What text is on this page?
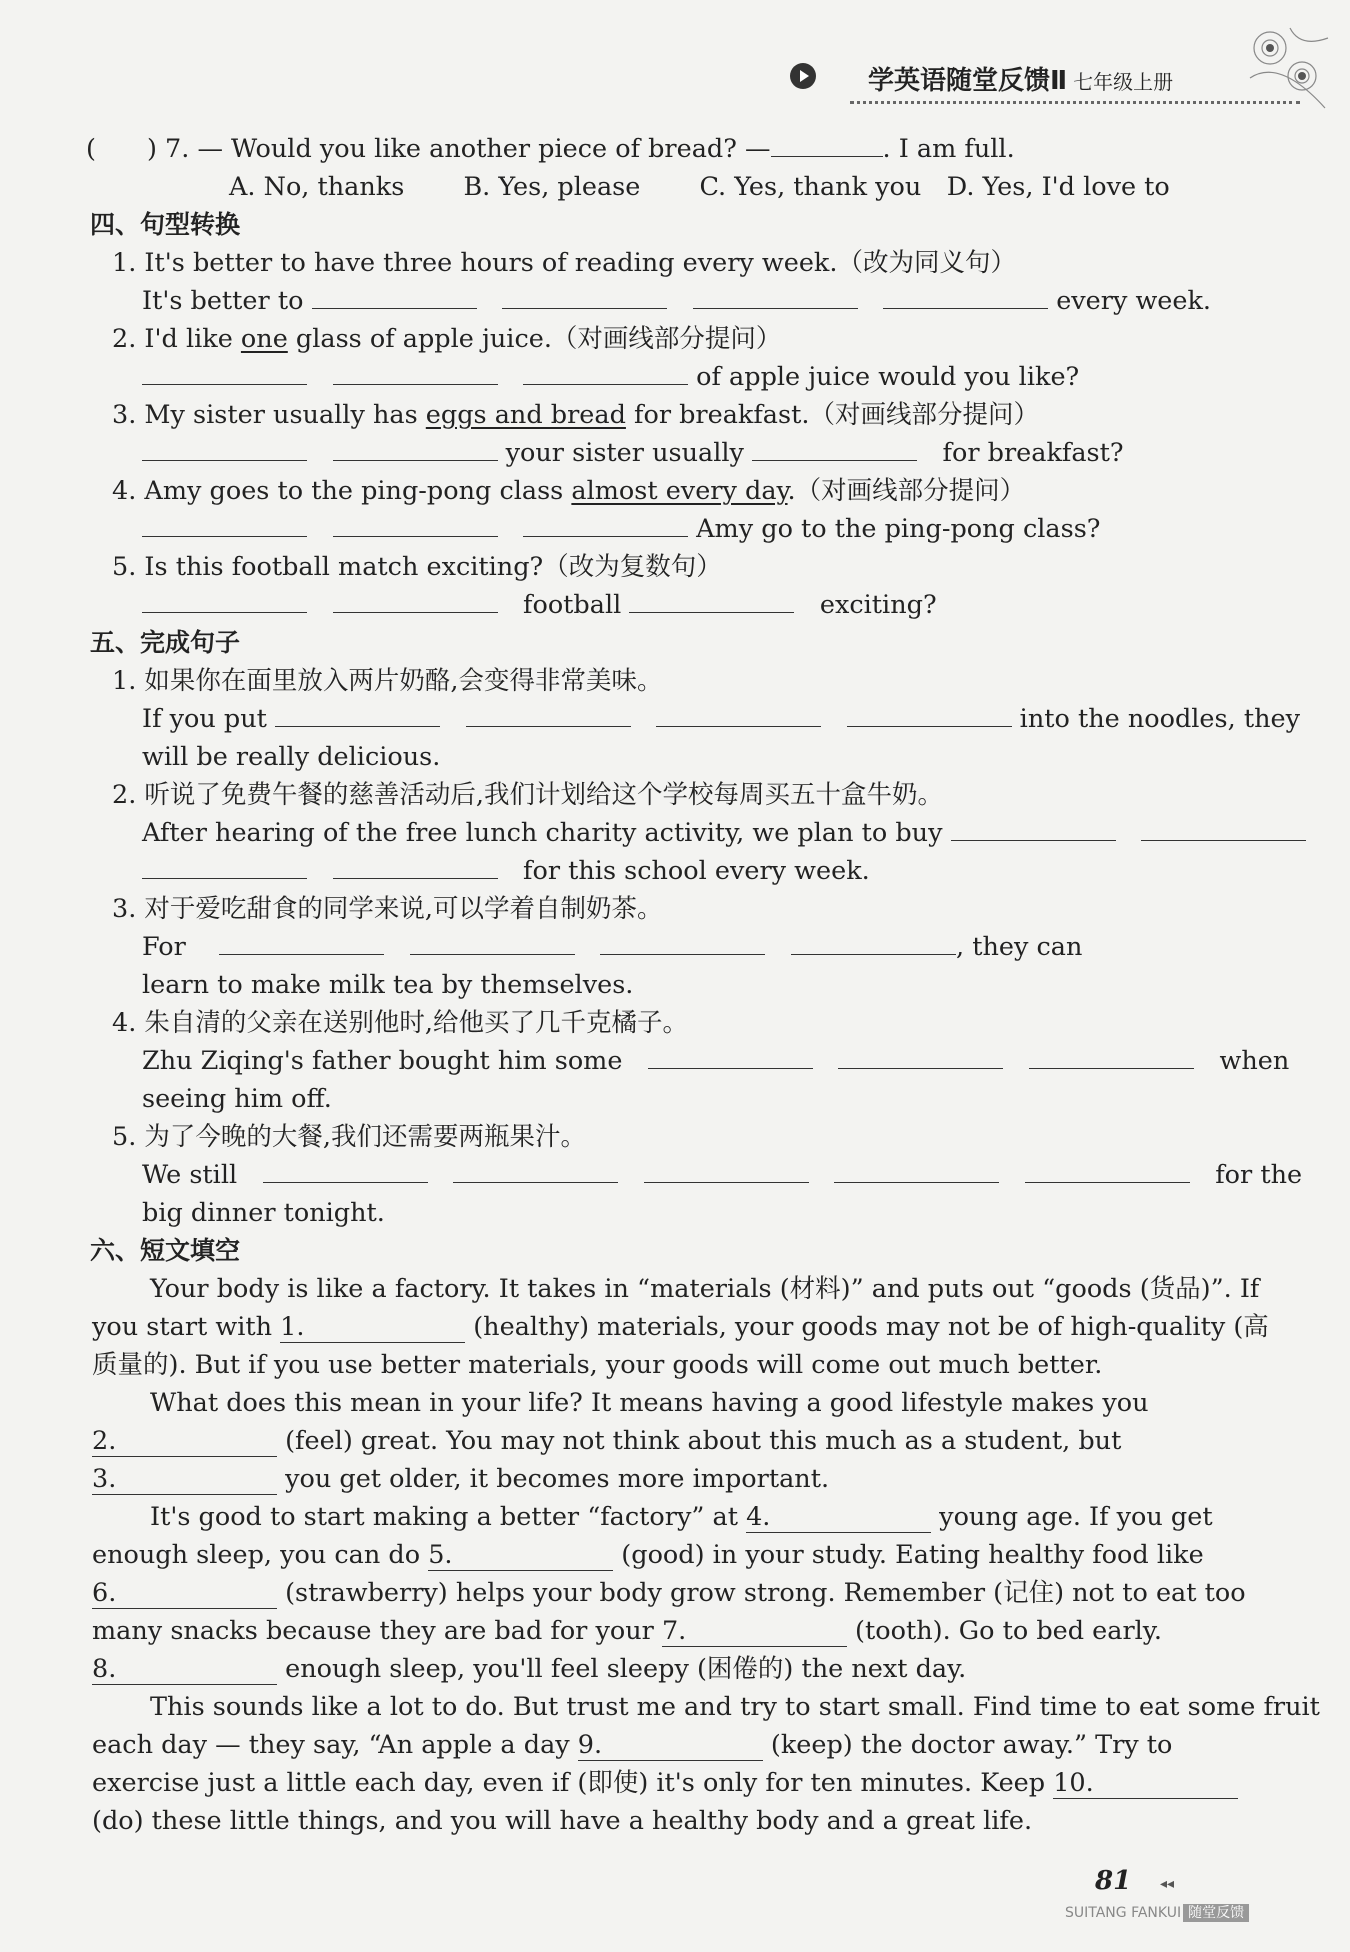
学英语随堂反馈Ⅱ 七年级上册
(　　) 7. — Would you like another piece of bread? —	. I am full.
A. No, thanks　　 B. Yes, please　　 C. Yes, thank you　D. Yes, I'd love to
四、句型转换
1. It's better to have three hours of reading every week.（改为同义句）
It's better to 　　　	every week.
2. I'd like one glass of apple juice.（对画线部分提问）
　　 of apple juice would you like?
3. My sister usually has eggs and bread for breakfast.（对画线部分提问）
　 your sister usually 　	for breakfast?
4. Amy goes to the ping-pong class almost every day.（对画线部分提问）
　　 Amy go to the ping-pong class?
5. Is this football match exciting?（改为复数句）
　　football 　	exciting?
五、完成句子
1. 如果你在面里放入两片奶酪,会变得非常美味。
If you put 　　　	into the noodles, they
will be really delicious.
2. 听说了免费午餐的慈善活动后,我们计划给这个学校每周买五十盒牛奶。
After hearing of the free lunch charity activity, we plan to buy 　
　　for this school every week.
3. 对于爱吃甜食的同学来说,可以学着自制奶茶。
For　 　　　	, they can
learn to make milk tea by themselves.
4. 朱自清的父亲在送别他时,给他买了几千克橘子。
Zhu Ziqing's father bought him some　　　　	when
seeing him off.
5. 为了今晚的大餐,我们还需要两瓶果汁。
We still　　　　　　	for the
big dinner tonight.
六、短文填空
Your body is like a factory. It takes in “materials (材料)” and puts out “goods (货品)”. If
you start with 1.	(healthy) materials, your goods may not be of high-quality (高
质量的). But if you use better materials, your goods will come out much better.
What does this mean in your life? It means having a good lifestyle makes you
2.	(feel) great. You may not think about this much as a student, but
3.	you get older, it becomes more important.
It's good to start making a better “factory” at 4.	young age. If you get
enough sleep, you can do 5.	(good) in your study. Eating healthy food like
6.	(strawberry) helps your body grow strong. Remember (记住) not to eat too
many snacks because they are bad for your 7.	(tooth). Go to bed early.
8.	enough sleep, you'll feel sleepy (困倦的) the next day.
This sounds like a lot to do. But trust me and try to start small. Find time to eat some fruit
each day — they say, “An apple a day 9.	(keep) the doctor away.” Try to
exercise just a little each day, even if (即使) it's only for ten minutes. Keep 10.
(do) these little things, and you will have a healthy body and a great life.
81 ◂◂
SUITANG FANKUI 随堂反馈
